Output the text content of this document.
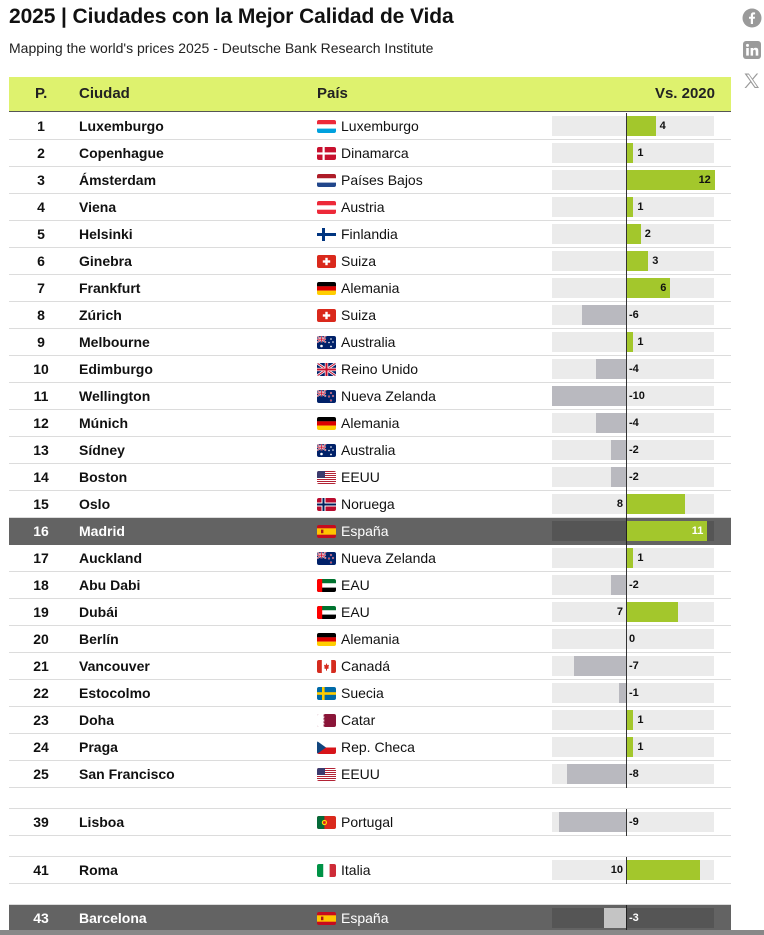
2025 | Ciudades con la Mejor Calidad de Vida
Mapping the world's prices 2025 - Deutsche Bank Research Institute
P. Ciudad	País	Vs. 2020
1	Luxemburgo	Luxemburgo	4
2	Copenhague	Dinamarca	1
3	Ámsterdam	Países Bajos	12
4	Viena	Austria	1
5	Helsinki	Finlandia	2
6	Ginebra	Suiza	3
7	Frankfurt	Alemania	6
8	Zúrich	Suiza	-6
9	Melbourne	Australia	1
10	Edimburgo	Reino Unido	-4
11	Wellington	Nueva Zelanda	-10
12	Múnich	Alemania	-4
13	Sídney	Australia	-2
14	Boston	EEUU	-2
15	Oslo	Noruega	8
16	Madrid	España	11
17	Auckland	Nueva Zelanda	1
18	Abu Dabi	EAU	-2
19	Dubái	EAU	7
20	Berlín	Alemania	0
21	Vancouver	Canadá	-7
22	Estocolmo	Suecia	-1
23	Doha	Catar	1
24	Praga	Rep. Checa	1
25	San Francisco	EEUU	-8
39	Lisboa	Portugal	-9
41	Roma	Italia	10
43	Barcelona	España	-3
